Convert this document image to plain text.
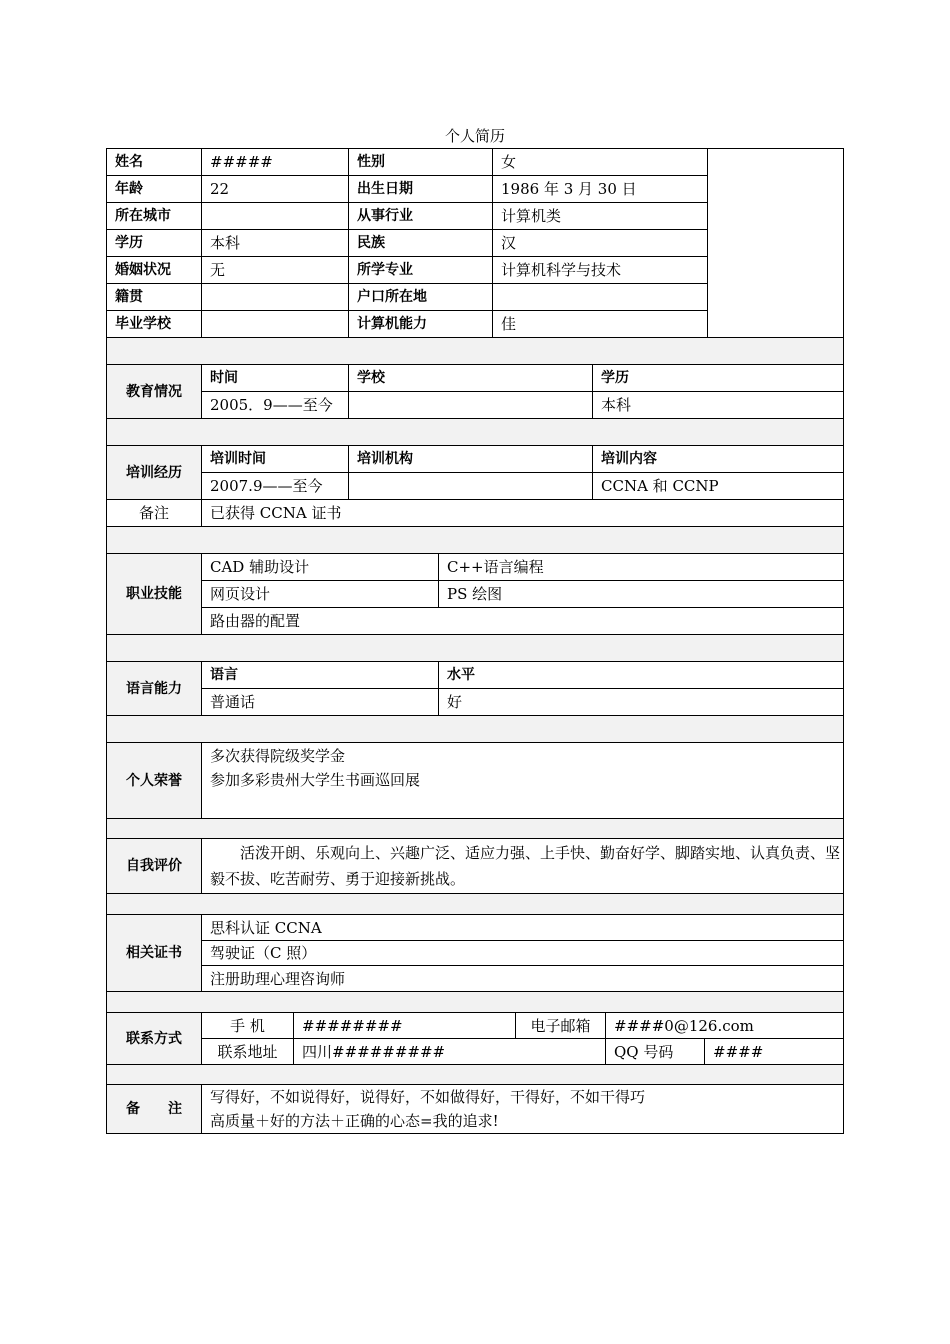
个人简历
姓名	#####	性别	女	
年龄	22	出生日期	1986 年 3 月 30 日	
所在城市		从事行业	计算机类	
学历	本科	民族	汉	
婚姻状况	无	所学专业	计算机科学与技术	
籍贯		户口所在地		
毕业学校		计算机能力	佳	

教育情况	时间	学校	学历
	2005．9——至今		本科

培训经历	培训时间	培训机构	培训内容
	2007.9——至今		CCNA 和 CCNP
备注	已获得 CCNA 证书		

职业技能	CAD 辅助设计	C++语言编程
	网页设计	PS 绘图
	路由器的配置	

语言能力	语言	水平
	普通话	好

个人荣誉	
多次获得院级奖学金
参加多彩贵州大学生书画巡回展

自我评价	活泼开朗、乐观向上、兴趣广泛、适应力强、上手快、勤奋好学、脚踏实地、认真负责、坚毅不拔、吃苦耐劳、勇于迎接新挑战。

相关证书	思科认证 CCNA
驾驶证（C 照）
注册助理心理咨询师

联系方式	手 机	########	电子邮箱	####0@126.com	
	联系地址	四川#########		QQ 号码	####

备　　注	
写得好，不如说得好，说得好，不如做得好，干得好，不如干得巧
高质量＋好的方法＋正确的心态=我的追求!
